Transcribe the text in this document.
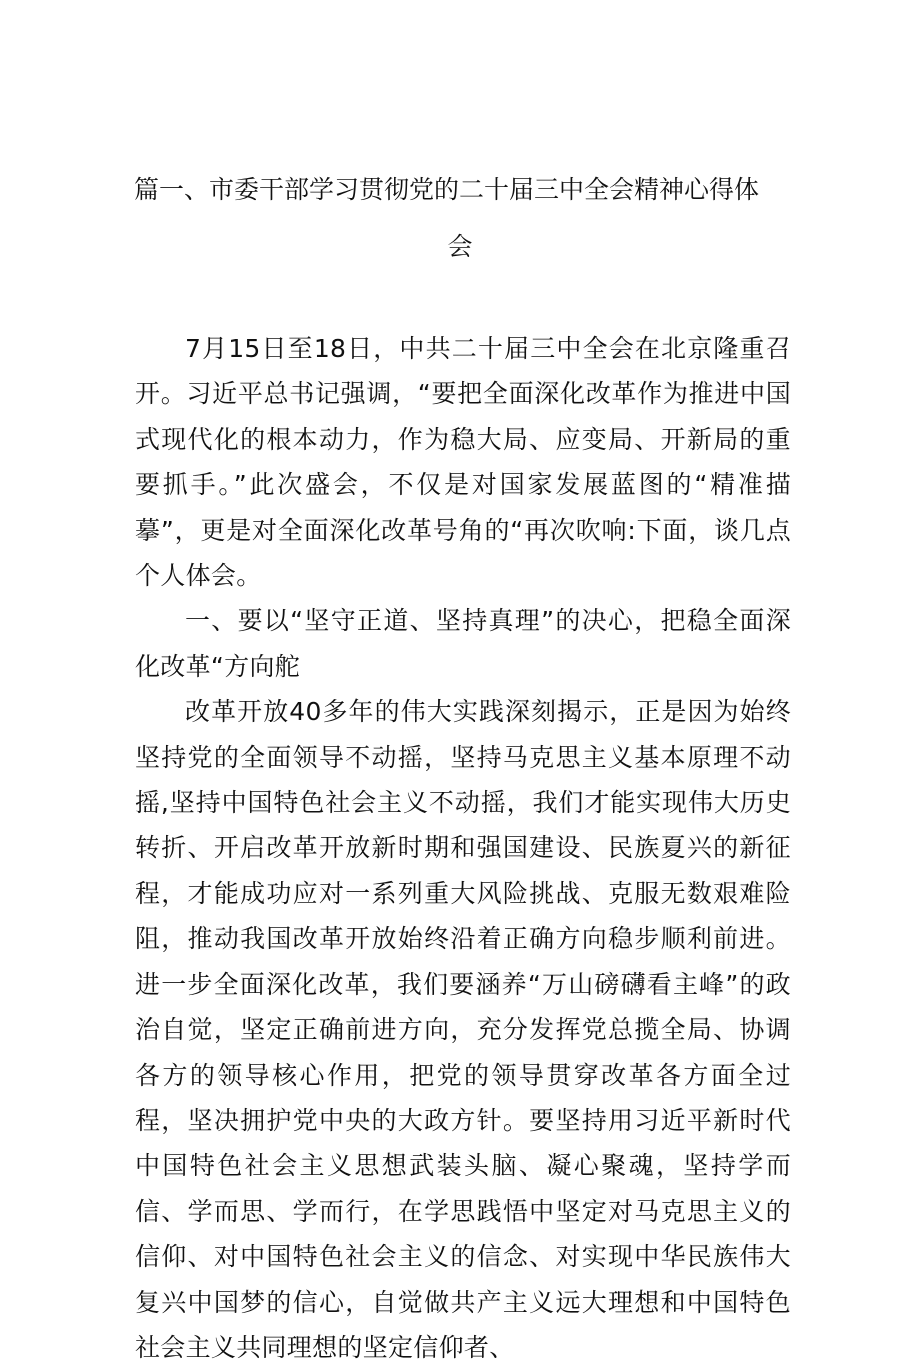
篇一、市委干部学习贯彻党的二十届三中全会精神心得体
会

7月15日至18日，中共二十届三中全会在北京隆重召开。习近平总书记强调，“要把全面深化改革作为推进中国式现代化的根本动力，作为稳大局、应变局、开新局的重要抓手。”此次盛会，不仅是对国家发展蓝图的“精准描摹”，更是对全面深化改革号角的“再次吹响:下面，谈几点个人体会。

一、要以“坚守正道、坚持真理”的决心，把稳全面深化改革“方向舵

改革开放40多年的伟大实践深刻揭示，正是因为始终坚持党的全面领导不动摇，坚持马克思主义基本原理不动摇,坚持中国特色社会主义不动摇，我们才能实现伟大历史转折、开启改革开放新时期和强国建设、民族夏兴的新征程，才能成功应对一系列重大风险挑战、克服无数艰难险阻，推动我国改革开放始终沿着正确方向稳步顺利前进。进一步全面深化改革，我们要涵养“万山磅礴看主峰”的政治自觉，坚定正确前进方向，充分发挥党总揽全局、协调各方的领导核心作用，把党的领导贯穿改革各方面全过程，坚决拥护党中央的大政方针。要坚持用习近平新时代中国特色社会主义思想武装头脑、凝心聚魂，坚持学而信、学而思、学而行，在学思践悟中坚定对马克思主义的信仰、对中国特色社会主义的信念、对实现中华民族伟大复兴中国梦的信心，自觉做共产主义远大理想和中国特色社会主义共同理想的坚定信仰者、
